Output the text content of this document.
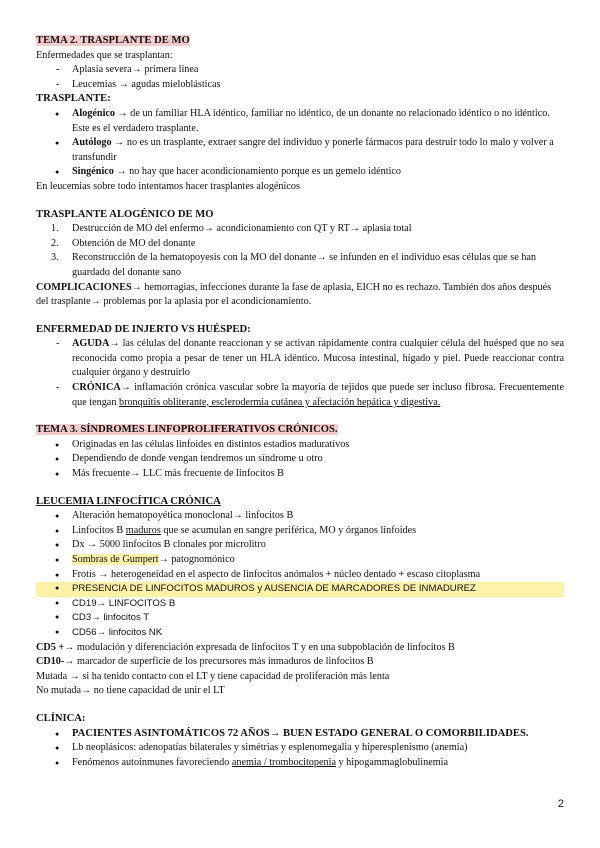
TEMA 2. TRASPLANTE DE MO

Enfermedades que se trasplantan:

- Aplasia severa→ primera línea
- Leucemias → agudas mieloblásticas

TRASPLANTE:

● Alogénico → de un familiar HLA idéntico, familiar no idéntico, de un donante no relacionado idéntico o no idéntico. Este es el verdadero trasplante.
● Autólogo → no es un trasplante, extraer sangre del individuo y ponerle fármacos para destruir todo lo malo y volver a transfundir
● Singénico → no hay que hacer acondicionamiento porque es un gemelo idéntico

En leucemias sobre todo intentamos hacer trasplantes alogénicos

TRASPLANTE ALOGÉNICO DE MO

1. Destrucción de MO del enfermo→ acondicionamiento con QT y RT→ aplasia total
2. Obtención de MO del donante
3. Reconstrucción de la hematopoyesis con la MO del donante→ se infunden en el individuo esas células que se han guardado del donante sano

COMPLICACIONES→ hemorragias, infecciones durante la fase de aplasia, EICH no es rechazo. También dos años después del trasplante→ problemas por la aplasia por el acondicionamiento.

ENFERMEDAD DE INJERTO VS HUÉSPED:

- AGUDA→ las células del donante reaccionan y se activan rápidamente contra cualquier célula del huésped que no sea reconocida como propia a pesar de tener un HLA idéntico. Mucosa intestinal, hígado y piel. Puede reaccionar contra cualquier órgano y destruirlo
- CRÓNICA→ inflamación crónica vascular sobre la mayoría de tejidos que puede ser incluso fibrosa. Frecuentemente que tengan bronquitis obliterante, esclerodermia cutánea y afectación hepática y digestiva.

TEMA 3. SÍNDROMES LINFOPROLIFERATIVOS CRÓNICOS.

● Originadas en las células linfoides en distintos estadios maduratívos
● Dependiendo de donde vengan tendremos un síndrome u otro
● Más frecuente→ LLC más frecuente de linfocitos B

LEUCEMIA LINFOCÍTICA CRÓNICA

● Alteración hematopoyética monoclonal→ linfocitos B
● Linfocitos B maduros que se acumulan en sangre periférica, MO y órganos linfoides
● Dx → 5000 linfocitos B clonales por microlitro
● Sombras de Gumpert→ patognomónico
● Frotis → heterogeneidad en el aspecto de linfocitos anómalos + núcleo dentado + escaso citoplasma
● PRESENCIA DE LINFOCITOS MADUROS y AUSENCIA DE MARCADORES DE INMADUREZ
● CD19→ LINFOCITOS B
● CD3→ linfocitos T
● CD56→ linfocitos NK

CD5 +→ modulación y diferenciación expresada de linfocitos T y en una subpoblación de linfocitos B

CD10-→ marcador de superficie de los precursores más inmaduros de linfocitos B

Mutada → si ha tenido contacto con el LT y tiene capacidad de proliferación más lenta

No mutada→ no tiene capacidad de unir el LT

CLÍNICA:

● PACIENTES ASINTOMÁTICOS 72 AÑOS→ BUEN ESTADO GENERAL O COMORBILIDADES.
● Lb neoplásicos: adenopatías bilaterales y simétrias y esplenomegalia y hiperesplenismo (anemia)
● Fenómenos autoinmunes favoreciendo anemia / trombocitopenia y hipogammaglobulinemia
2
